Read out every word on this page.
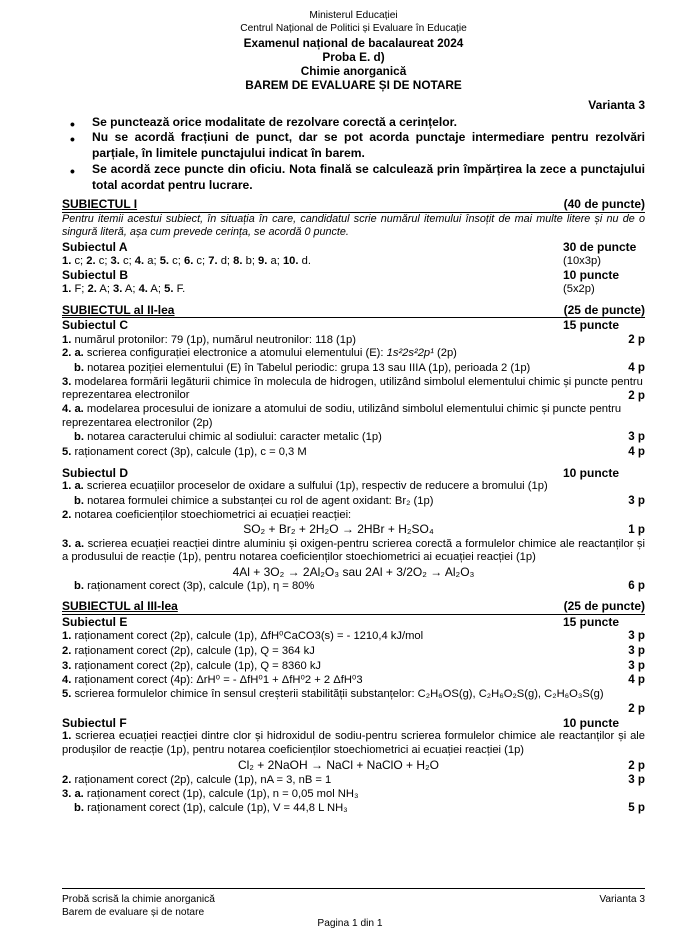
Ministerul Educației
Centrul Național de Politici și Evaluare în Educație
Examenul național de bacalaureat 2024
Proba E. d)
Chimie anorganică
BAREM DE EVALUARE ȘI DE NOTARE
Varianta 3
• Se punctează orice modalitate de rezolvare corectă a cerințelor.
• Nu se acordă fracțiuni de punct, dar se pot acorda punctaje intermediare pentru rezolvări parțiale, în limitele punctajului indicat în barem.
• Se acordă zece puncte din oficiu. Nota finală se calculează prin împărțirea la zece a punctajului total acordat pentru lucrare.
SUBIECTUL I	(40 de puncte)
Pentru itemii acestui subiect, în situația în care, candidatul scrie numărul itemului însoțit de mai multe litere și nu de o singură literă, așa cum prevede cerința, se acordă 0 puncte.
Subiectul A	30 de puncte
1. c; 2. c; 3. c; 4. a; 5. c; 6. c; 7. d; 8. b; 9. a; 10. d.	(10x3p)
Subiectul B	10 puncte
1. F; 2. A; 3. A; 4. A; 5. F.	(5x2p)
SUBIECTUL al II-lea	(25 de puncte)
Subiectul C	15 puncte
1. numărul protonilor: 79 (1p), numărul neutronilor: 118 (1p)	2 p
2. a. scrierea configurației electronice a atomului elementului (E): 1s²2s²2p¹ (2p)
b. notarea poziției elementului (E) în Tabelul periodic: grupa 13 sau IIIA (1p), perioada 2 (1p)	4 p
3. modelarea formării legăturii chimice în molecula de hidrogen, utilizând simbolul elementului chimic și puncte pentru reprezentarea electronilor	2 p
4. a. modelarea procesului de ionizare a atomului de sodiu, utilizând simbolul elementului chimic și puncte pentru reprezentarea electronilor (2p)
b. notarea caracterului chimic al sodiului: caracter metalic (1p)	3 p
5. raționament corect (3p), calcule (1p), c = 0,3 M	4 p
Subiectul D	10 puncte
1. a. scrierea ecuațiilor proceselor de oxidare a sulfului (1p), respectiv de reducere a bromului (1p)
b. notarea formulei chimice a substanței cu rol de agent oxidant: Br₂ (1p)	3 p
2. notarea coeficienților stoechiometrici ai ecuației reacției:
SO₂ + Br₂ + 2H₂O → 2HBr + H₂SO₄	1 p
3. a. scrierea ecuației reacției dintre aluminiu și oxigen-pentru scrierea corectă a formulelor chimice ale reactanților și a produsului de reacție (1p), pentru notarea coeficienților stoechiometrici ai ecuației reacției (1p)
4Al + 3O₂ → 2Al₂O₃ sau 2Al + 3/2O₂ → Al₂O₃
b. raționament corect (3p), calcule (1p), η = 80%	6 p
SUBIECTUL al III-lea	(25 de puncte)
Subiectul E	15 puncte
1. raționament corect (2p), calcule (1p), ΔfH⁰CaCO3(s) = - 1210,4 kJ/mol	3 p
2. raționament corect (2p), calcule (1p), Q = 364 kJ	3 p
3. raționament corect (2p), calcule (1p), Q = 8360 kJ	3 p
4. raționament corect (4p): ΔrH⁰ = - ΔfH⁰1 + ΔfH⁰2 + 2 ΔfH⁰3	4 p
5. scrierea formulelor chimice în sensul creșterii stabilității substanțelor: C₂H₆OS(g), C₂H₆O₂S(g), C₂H₆O₃S(g)
2 p
Subiectul F	10 puncte
1. scrierea ecuației reacției dintre clor și hidroxidul de sodiu-pentru scrierea formulelor chimice ale reactanților și ale produșilor de reacție (1p), pentru notarea coeficienților stoechiometrici ai ecuației reacției (1p)
Cl₂ + 2NaOH → NaCl + NaClO + H₂O	2 p
2. raționament corect (2p), calcule (1p), nA = 3, nB = 1	3 p
3. a. raționament corect (1p), calcule (1p), n = 0,05 mol NH₃
b. raționament corect (1p), calcule (1p), V = 44,8 L NH₃	5 p
Probă scrisă la chimie anorganică	Varianta 3
Barem de evaluare și de notare
Pagina 1 din 1
